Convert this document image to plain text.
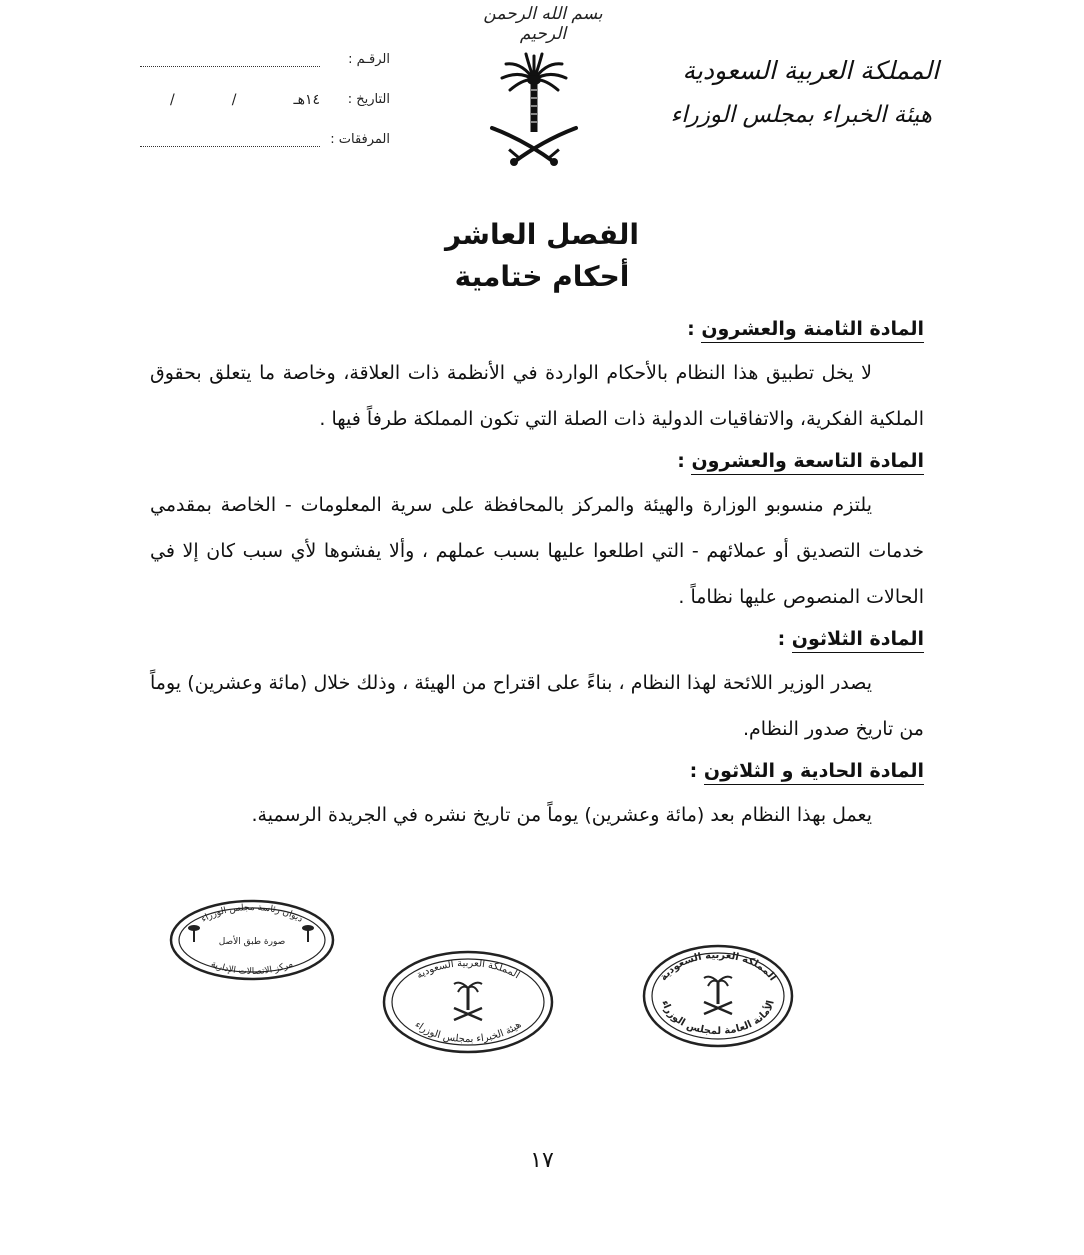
بسم الله الرحمن الرحيم
المملكة العربية السعودية
هيئة الخبراء بمجلس الوزراء
الرقـم :
التاريخ :
/	/	١٤هـ
المرفقات :
الفصل العاشر
أحكام ختامية
المادة الثامنة والعشرون :

لا يخل تطبيق هذا النظام بالأحكام الواردة في الأنظمة ذات العلاقة، وخاصة ما يتعلق بحقوق الملكية الفكرية، والاتفاقيات الدولية ذات الصلة التي تكون المملكة طرفاً فيها .

المادة التاسعة والعشرون :

يلتزم منسوبو الوزارة والهيئة والمركز بالمحافظة على سرية المعلومات - الخاصة بمقدمي خدمات التصديق أو عملائهم - التي اطلعوا عليها بسبب عملهم ، وألا يفشوها لأي سبب كان إلا في الحالات المنصوص عليها نظاماً .

المادة الثلاثون :

يصدر الوزير اللائحة لهذا النظام ، بناءً على اقتراح من الهيئة ، وذلك خلال (مائة وعشرين) يوماً من تاريخ صدور النظام.

المادة الحادية و الثلاثون :

يعمل بهذا النظام بعد (مائة وعشرين) يوماً من تاريخ نشره في الجريدة الرسمية.

ديوان رئاسة مجلس الوزراء
صورة طبق الأصل
مركز الاتصالات الإدارية
المملكة العربية السعودية
هيئة الخبراء بمجلس الوزراء
المملكة العربية السعودية
الأمانة العامة لمجلس الوزراء
١٧
